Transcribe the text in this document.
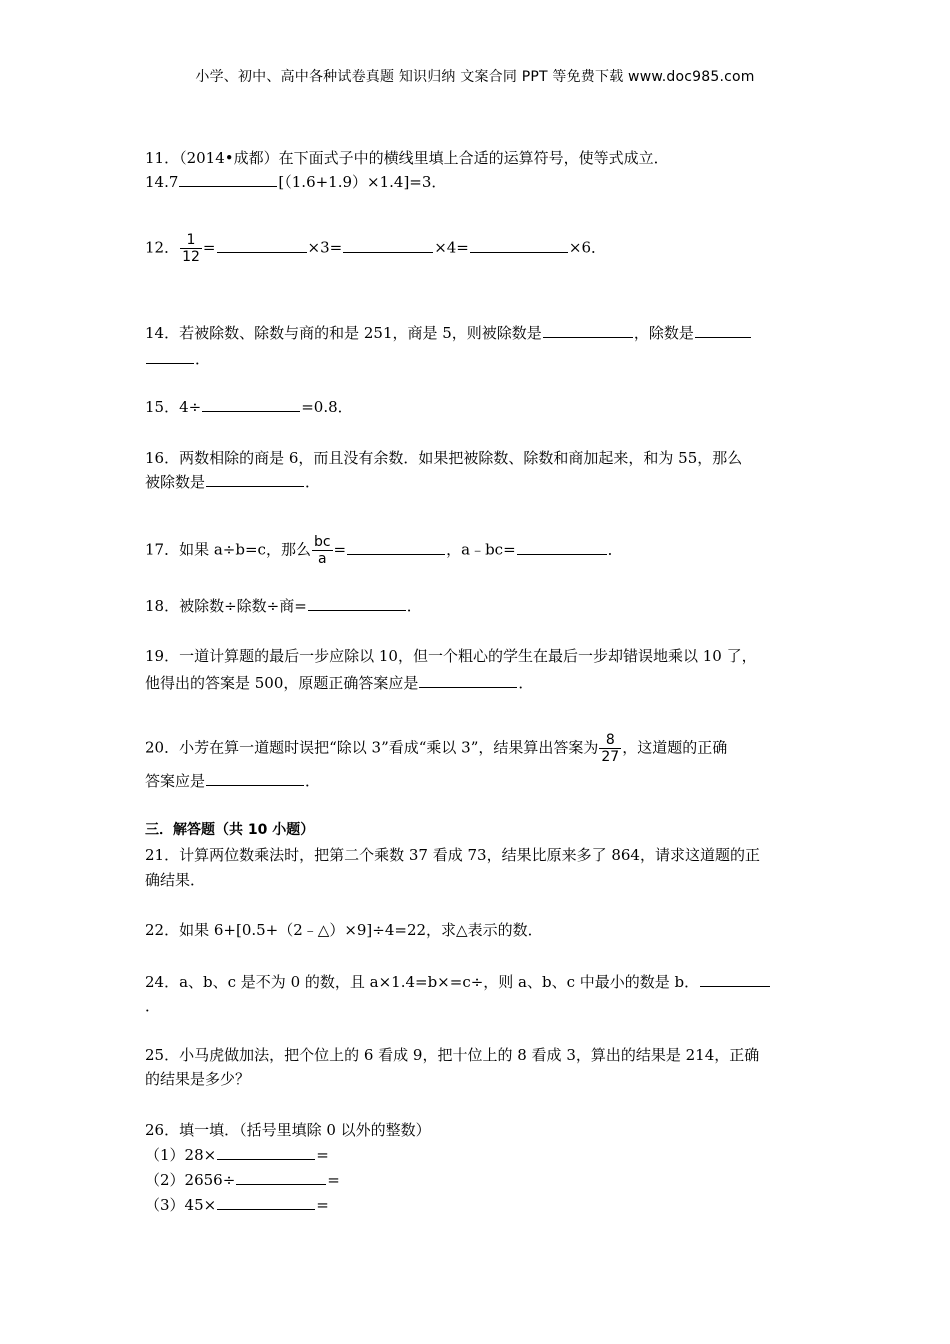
小学、初中、高中各种试卷真题 知识归纳 文案合同 PPT 等免费下载 www.doc985.com
11．（2014•成都）在下面式子中的横线里填上合适的运算符号，使等式成立．
14.7	[（1.6+1.9）×1.4]=3．
12． $\frac{1}{12}$ =	×3=	×4=	×6．
14．若被除数、除数与商的和是 251，商是 5，则被除数是	，除数是
．
15．4÷	=0.8．
16．两数相除的商是 6，而且没有余数．如果把被除数、除数和商加起来，和为 55，那么
被除数是	．
17．如果 a÷b=c，那么 $\frac{bc}{a}$ =	，a﹣bc=	．
18．被除数÷除数÷商=	．
19．一道计算题的最后一步应除以 10，但一个粗心的学生在最后一步却错误地乘以 10 了，
他得出的答案是 500，原题正确答案应是	．
20．小芳在算一道题时误把“除以 3”看成“乘以 3”，结果算出答案为 $\frac{8}{27}$ ，这道题的正确
答案应是	．
三．解答题（共 10 小题）
21．计算两位数乘法时，把第二个乘数 37 看成 73，结果比原来多了 864，请求这道题的正
确结果．
22．如果 6+[0.5+（2﹣△）×9]÷4=22，求△表示的数．
24．a、b、c 是不为 0 的数，且 a×1.4=b×=c÷，则 a、b、c 中最小的数是 b．
．
25．小马虎做加法，把个位上的 6 看成 9，把十位上的 8 看成 3，算出的结果是 214，正确
的结果是多少？
26．填一填．（括号里填除 0 以外的整数）
（1）28×	=
（2）2656÷	=
（3）45×	=
